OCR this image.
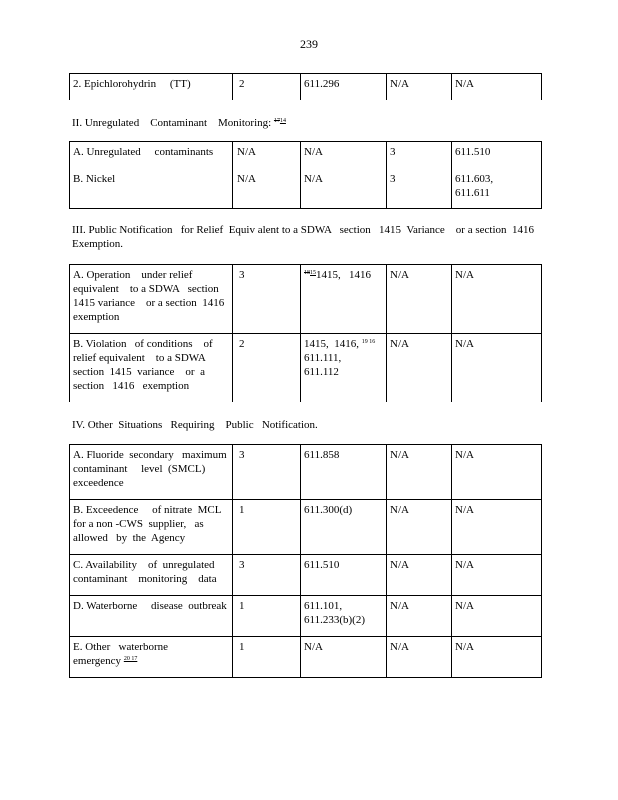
239
2. Epichlorohydrin     (TT)	2	611.296	N/A	N/A
II. Unregulated    Contaminant    Monitoring: $^{1714}$
A. Unregulated     contaminants	N/A	N/A	3	611.510
B. Nickel	N/A	N/A	3	611.603,
611.611
III. Public Notification   for Relief  Equiv alent to a SDWA   section   1415  Variance    or a section  1416 Exemption.
A. Operation    under relief
equivalent    to a SDWA   section
1415 variance    or a section  1416
exemption	3	$^{1815}$1415,   1416	N/A	N/A
B. Violation   of conditions    of
relief equivalent    to a SDWA
section  1415  variance    or  a
section   1416   exemption	2	1415,  1416, $^{19 16}$
611.111,
611.112	N/A	N/A
IV. Other  Situations   Requiring    Public   Notification.
A. Fluoride  secondary   maximum
contaminant     level  (SMCL)
exceedence	3	611.858	N/A	N/A
B. Exceedence     of nitrate  MCL
for a non -CWS  supplier,   as
allowed   by  the  Agency	1	611.300(d)	N/A	N/A
C. Availability    of  unregulated
contaminant    monitoring    data	3	611.510	N/A	N/A
D. Waterborne     disease  outbreak	1	611.101,
611.233(b)(2)	N/A	N/A
E. Other   waterborne
emergency $^{20 17}$	1	N/A	N/A	N/A
